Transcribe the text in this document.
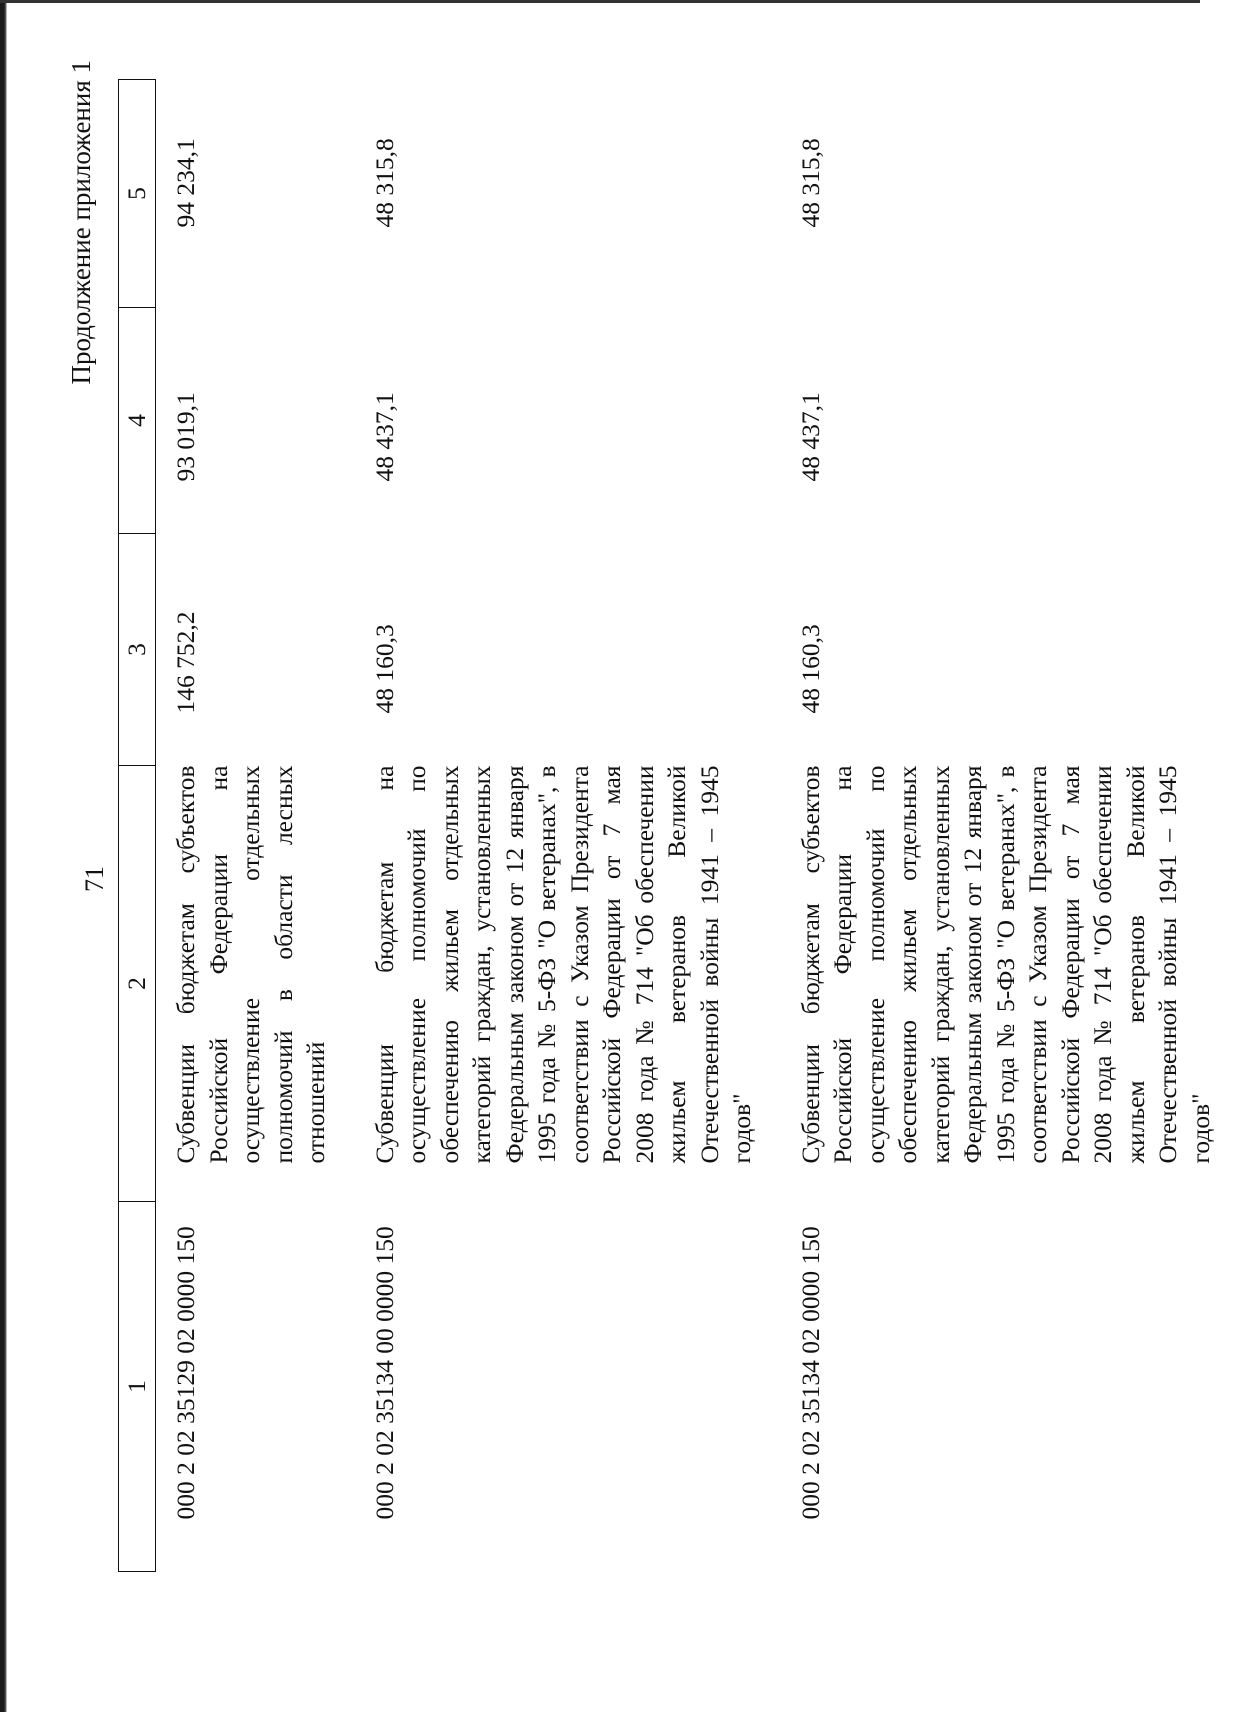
71
Продолжение приложения 1
1	2	3	4	5
000 2 02 35129 02 0000 150	Субвенции бюджетам субъектов Российской Федерации на осуществление отдельных полномочий в области лесных отношений	146 752,2	93 019,1	94 234,1
000 2 02 35134 00 0000 150	Субвенции бюджетам на осуществление полномочий по обеспечению жильем отдельных категорий граждан, установленных Федеральным законом от 12 января 1995 года № 5-ФЗ "О ветеранах", в соответствии с Указом Президента Российской Федерации от 7 мая 2008 года № 714 "Об обеспечении жильем ветеранов Великой Отечественной войны 1941 – 1945 годов"	48 160,3	48 437,1	48 315,8
000 2 02 35134 02 0000 150	Субвенции бюджетам субъектов Российской Федерации на осуществление полномочий по обеспечению жильем отдельных категорий граждан, установленных Федеральным законом от 12 января 1995 года № 5-ФЗ "О ветеранах", в соответствии с Указом Президента Российской Федерации от 7 мая 2008 года № 714 "Об обеспечении жильем ветеранов Великой Отечественной войны 1941 – 1945 годов"	48 160,3	48 437,1	48 315,8
